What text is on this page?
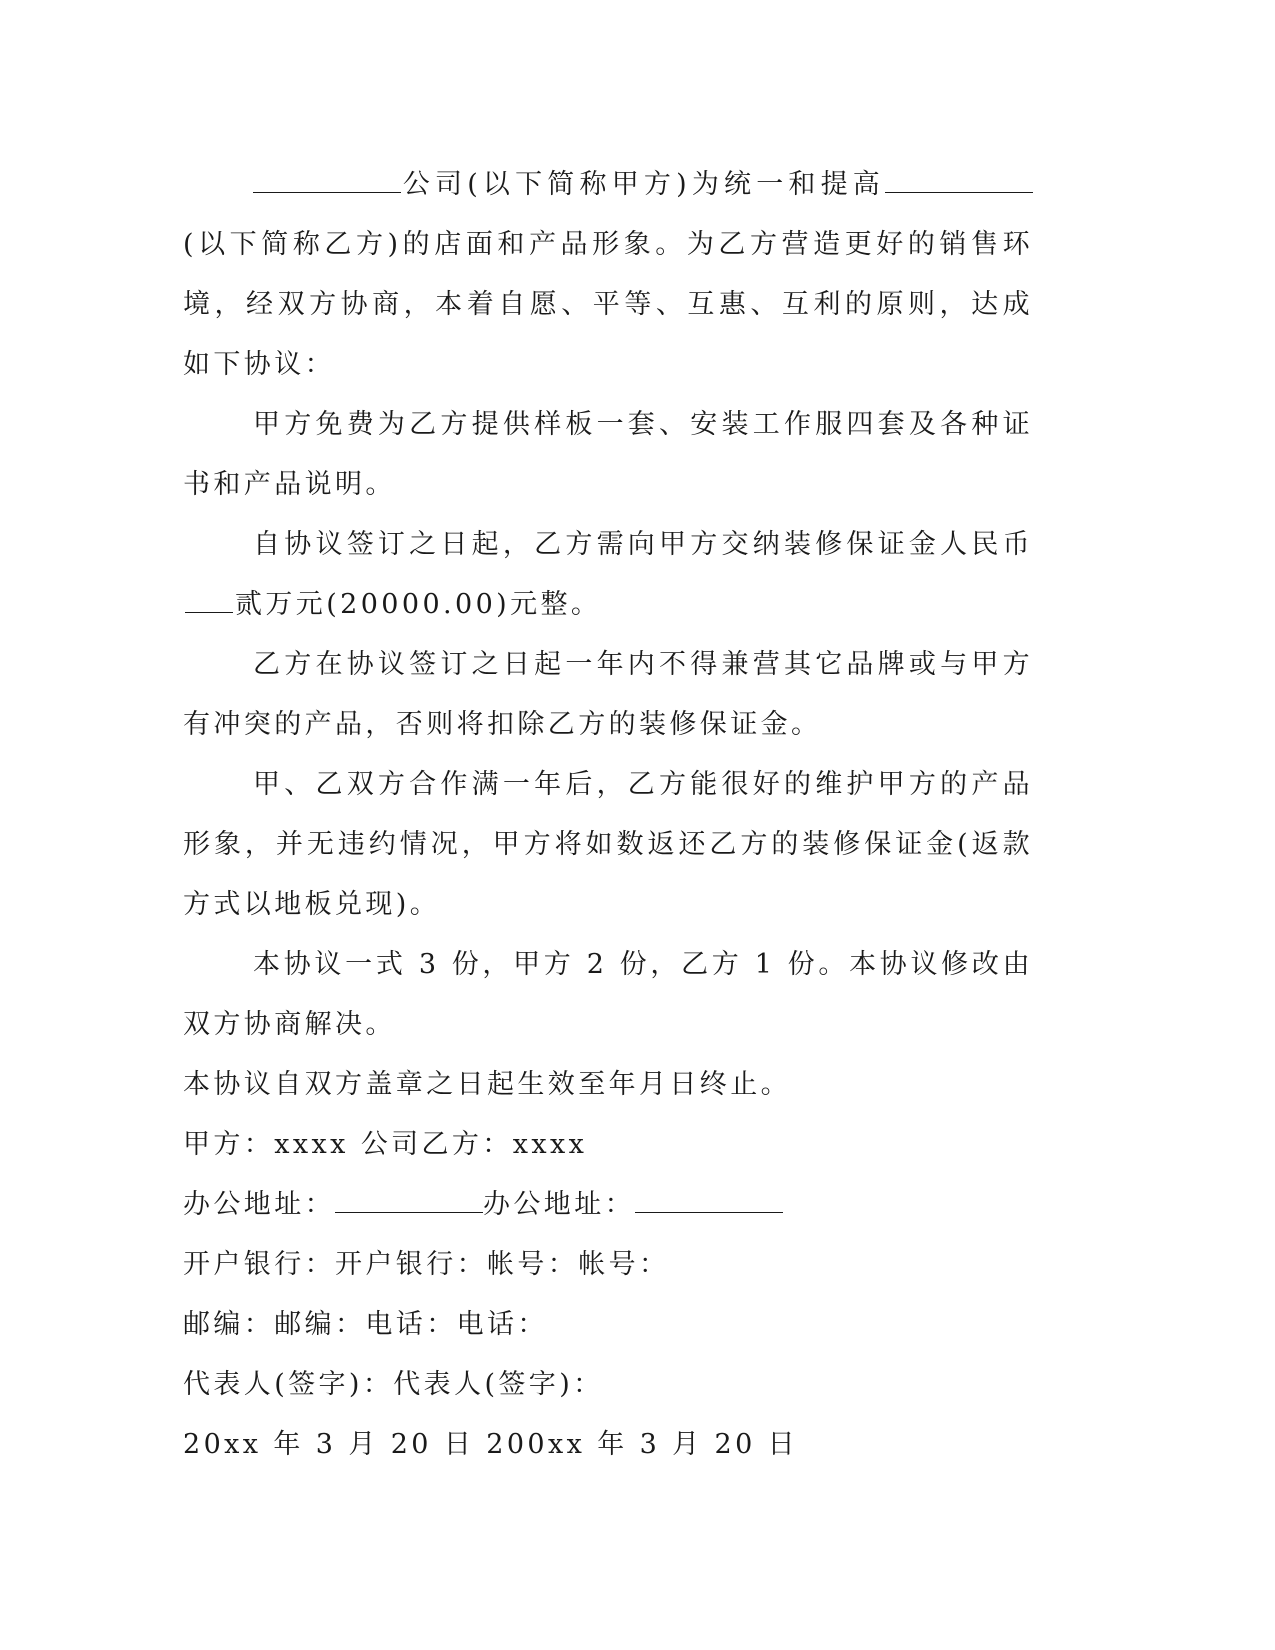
公司(以下简称甲方)为统一和提高(以下简称乙方)的店面和产品形象。为乙方营造更好的销售环境，经双方协商，本着自愿、平等、互惠、互利的原则，达成如下协议：

甲方免费为乙方提供样板一套、安装工作服四套及各种证书和产品说明。

自协议签订之日起，乙方需向甲方交纳装修保证金人民币贰万元(20000.00)元整。

乙方在协议签订之日起一年内不得兼营其它品牌或与甲方有冲突的产品，否则将扣除乙方的装修保证金。

甲、乙双方合作满一年后，乙方能很好的维护甲方的产品形象，并无违约情况，甲方将如数返还乙方的装修保证金(返款方式以地板兑现)。

本协议一式 3 份，甲方 2 份，乙方 1 份。本协议修改由双方协商解决。

本协议自双方盖章之日起生效至年月日终止。

甲方：xxxx 公司乙方：xxxx

办公地址：	办公地址：

开户银行：开户银行：帐号：帐号：

邮编：邮编：电话：电话：

代表人(签字)：代表人(签字)：

20xx 年 3 月 20 日 200xx 年 3 月 20 日
